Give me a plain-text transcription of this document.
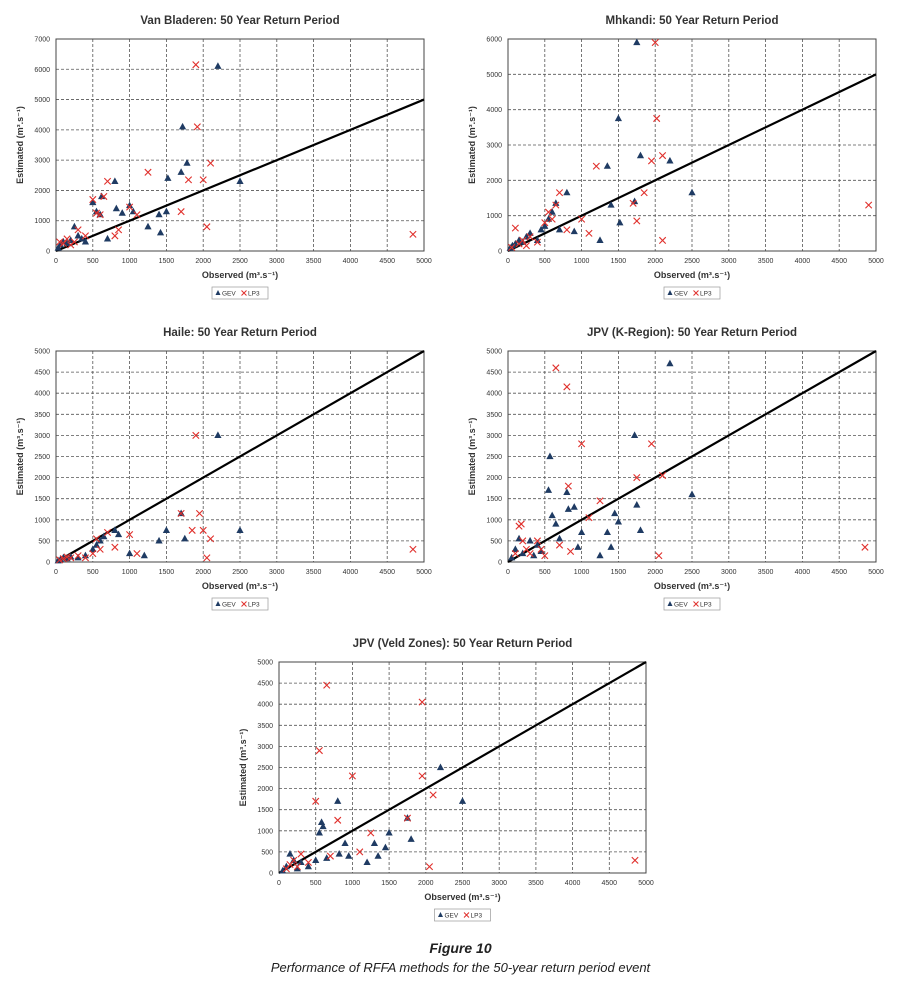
Van Bladeren: 50 Year Return Period
0	500	1000	1500	2000	2500	3000	3500	4000	4500	5000
0
1000
2000
3000
4000
5000
6000
7000
Observed (m³.s⁻¹)
Estimated (m³.s⁻¹)
GEV LP3
Mhkandi: 50 Year Return Period
0	500	1000	1500	2000	2500	3000	3500	4000	4500	5000
0
1000
2000
3000
4000
5000
6000
Observed (m³.s⁻¹)
Estimated (m³.s⁻¹)
GEV LP3
Haile: 50 Year Return Period
0	500	1000	1500	2000	2500	3000	3500	4000	4500	5000
0
500
1000
1500
2000
2500
3000
3500
4000
4500
5000
Observed (m³.s⁻¹)
Estimated (m³.s⁻¹)
GEV LP3
JPV (K-Region): 50 Year Return Period
0	500	1000	1500	2000	2500	3000	3500	4000	4500	5000
0
500
1000
1500
2000
2500
3000
3500
4000
4500
5000
Observed (m³.s⁻¹)
Estimated (m³.s⁻¹)
GEV LP3
JPV (Veld Zones): 50 Year Return Period
0	500	1000	1500	2000	2500	3000	3500	4000	4500	5000
0
500
1000
1500
2000
2500
3000
3500
4000
4500
5000
Observed (m³.s⁻¹)
Estimated (m³.s⁻¹)
GEV LP3
Figure 10
Performance of RFFA methods for the 50-year return period event
